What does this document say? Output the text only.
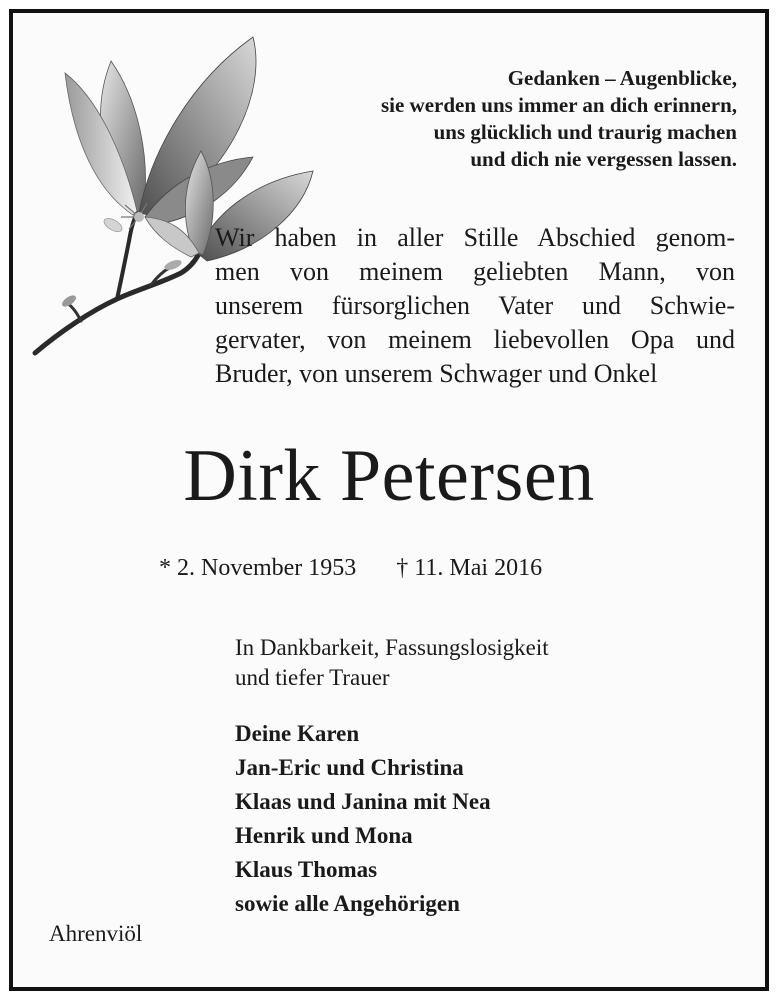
Gedanken – Augenblicke,
sie werden uns immer an dich erinnern,
uns glücklich und traurig machen
und dich nie vergessen lassen.
Wir haben in aller Stille Abschied genom-
men von meinem geliebten Mann, von
unserem fürsorglichen Vater und Schwie-
gervater, von meinem liebevollen Opa und
Bruder, von unserem Schwager und Onkel
Dirk Petersen
* 2. November 1953 † 11. Mai 2016
In Dankbarkeit, Fassungslosigkeit
und tiefer Trauer
Deine Karen
Jan-Eric und Christina
Klaas und Janina mit Nea
Henrik und Mona
Klaus Thomas
sowie alle Angehörigen
Ahrenviöl
